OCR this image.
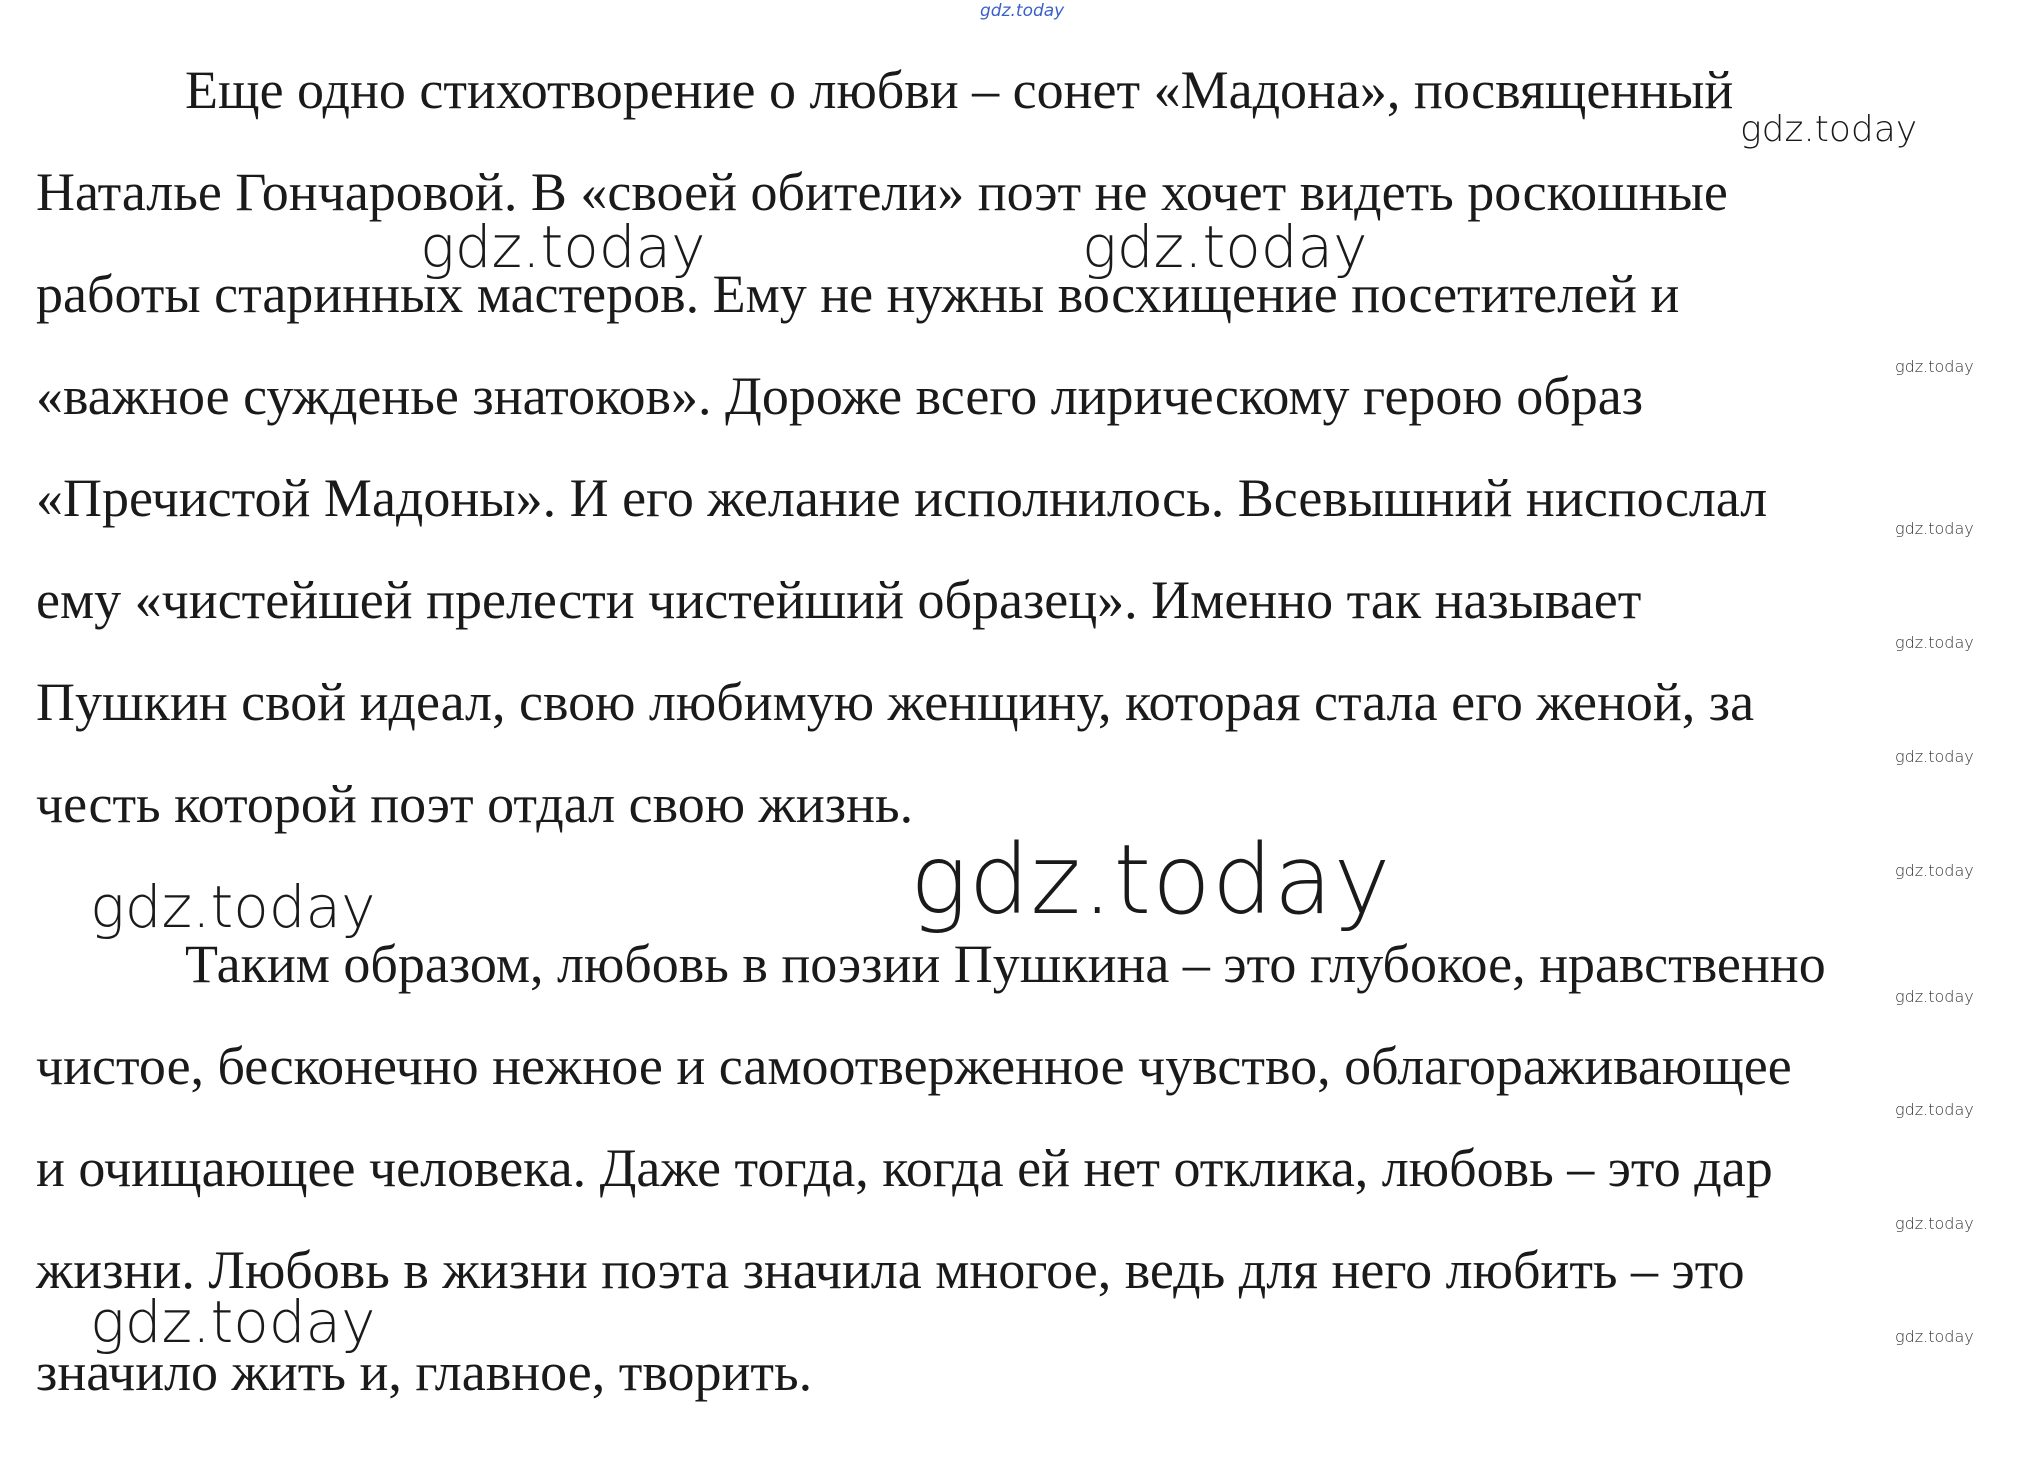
Еще одно стихотворение о любви – сонет «Мадона», посвященный
Наталье Гончаровой. В «своей обители» поэт не хочет видеть роскошные
работы старинных мастеров. Ему не нужны восхищение посетителей и
«важное сужденье знатоков». Дороже всего лирическому герою образ
«Пречистой Мадоны». И его желание исполнилось. Всевышний ниспослал
ему «чистейшей прелести чистейший образец». Именно так называет
Пушкин свой идеал, свою любимую женщину, которая стала его женой, за
честь которой поэт отдал свою жизнь.
Таким образом, любовь в поэзии Пушкина – это глубокое, нравственно
чистое, бесконечно нежное и самоотверженное чувство, облагораживающее
и очищающее человека. Даже тогда, когда ей нет отклика, любовь – это дар
жизни. Любовь в жизни поэта значила многое, ведь для него любить – это
значило жить и, главное, творить.
gdz.today
gdz.today
gdz.today	gdz.today
gdz.today
gdz.today
gdz.today
gdz.today
gdz.today	gdz.today
gdz.today
gdz.today
gdz.today
gdz.today
gdz.today
gdz.today
